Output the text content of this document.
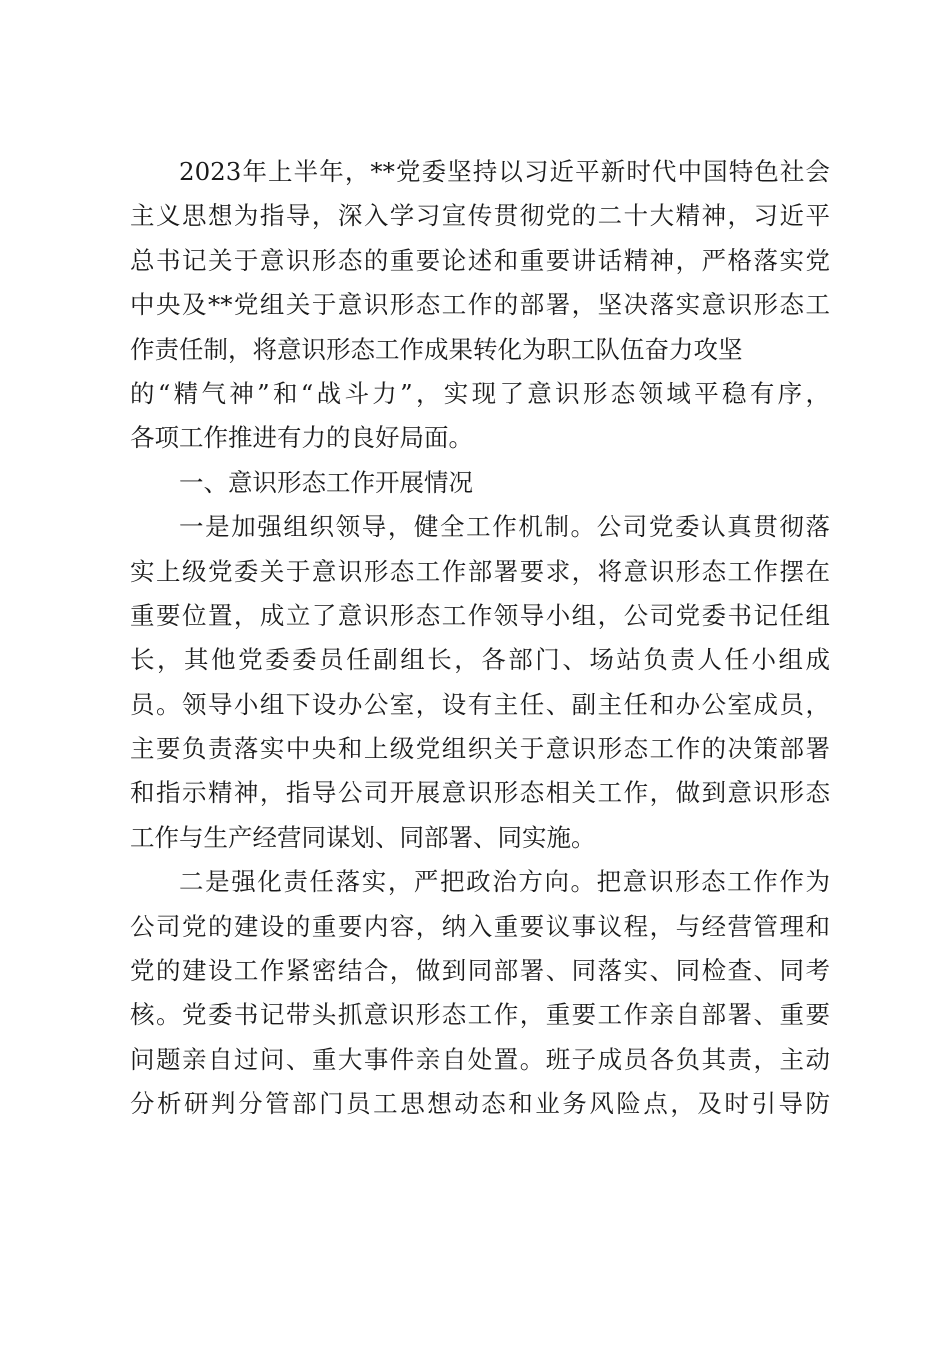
2023年上半年，**党委坚持以习近平新时代中国特色社会
主义思想为指导，深入学习宣传贯彻党的二十大精神，习近平
总书记关于意识形态的重要论述和重要讲话精神，严格落实党
中央及**党组关于意识形态工作的部署，坚决落实意识形态工
作责任制，将意识形态工作成果转化为职工队伍奋力攻坚
的“精气神”和“战斗力”，实现了意识形态领域平稳有序，
各项工作推进有力的良好局面。
一、意识形态工作开展情况
一是加强组织领导，健全工作机制。公司党委认真贯彻落
实上级党委关于意识形态工作部署要求，将意识形态工作摆在
重要位置，成立了意识形态工作领导小组，公司党委书记任组
长，其他党委委员任副组长，各部门、场站负责人任小组成
员。领导小组下设办公室，设有主任、副主任和办公室成员，
主要负责落实中央和上级党组织关于意识形态工作的决策部署
和指示精神，指导公司开展意识形态相关工作，做到意识形态
工作与生产经营同谋划、同部署、同实施。
二是强化责任落实，严把政治方向。把意识形态工作作为
公司党的建设的重要内容，纳入重要议事议程，与经营管理和
党的建设工作紧密结合，做到同部署、同落实、同检查、同考
核。党委书记带头抓意识形态工作，重要工作亲自部署、重要
问题亲自过问、重大事件亲自处置。班子成员各负其责，主动
分析研判分管部门员工思想动态和业务风险点，及时引导防
